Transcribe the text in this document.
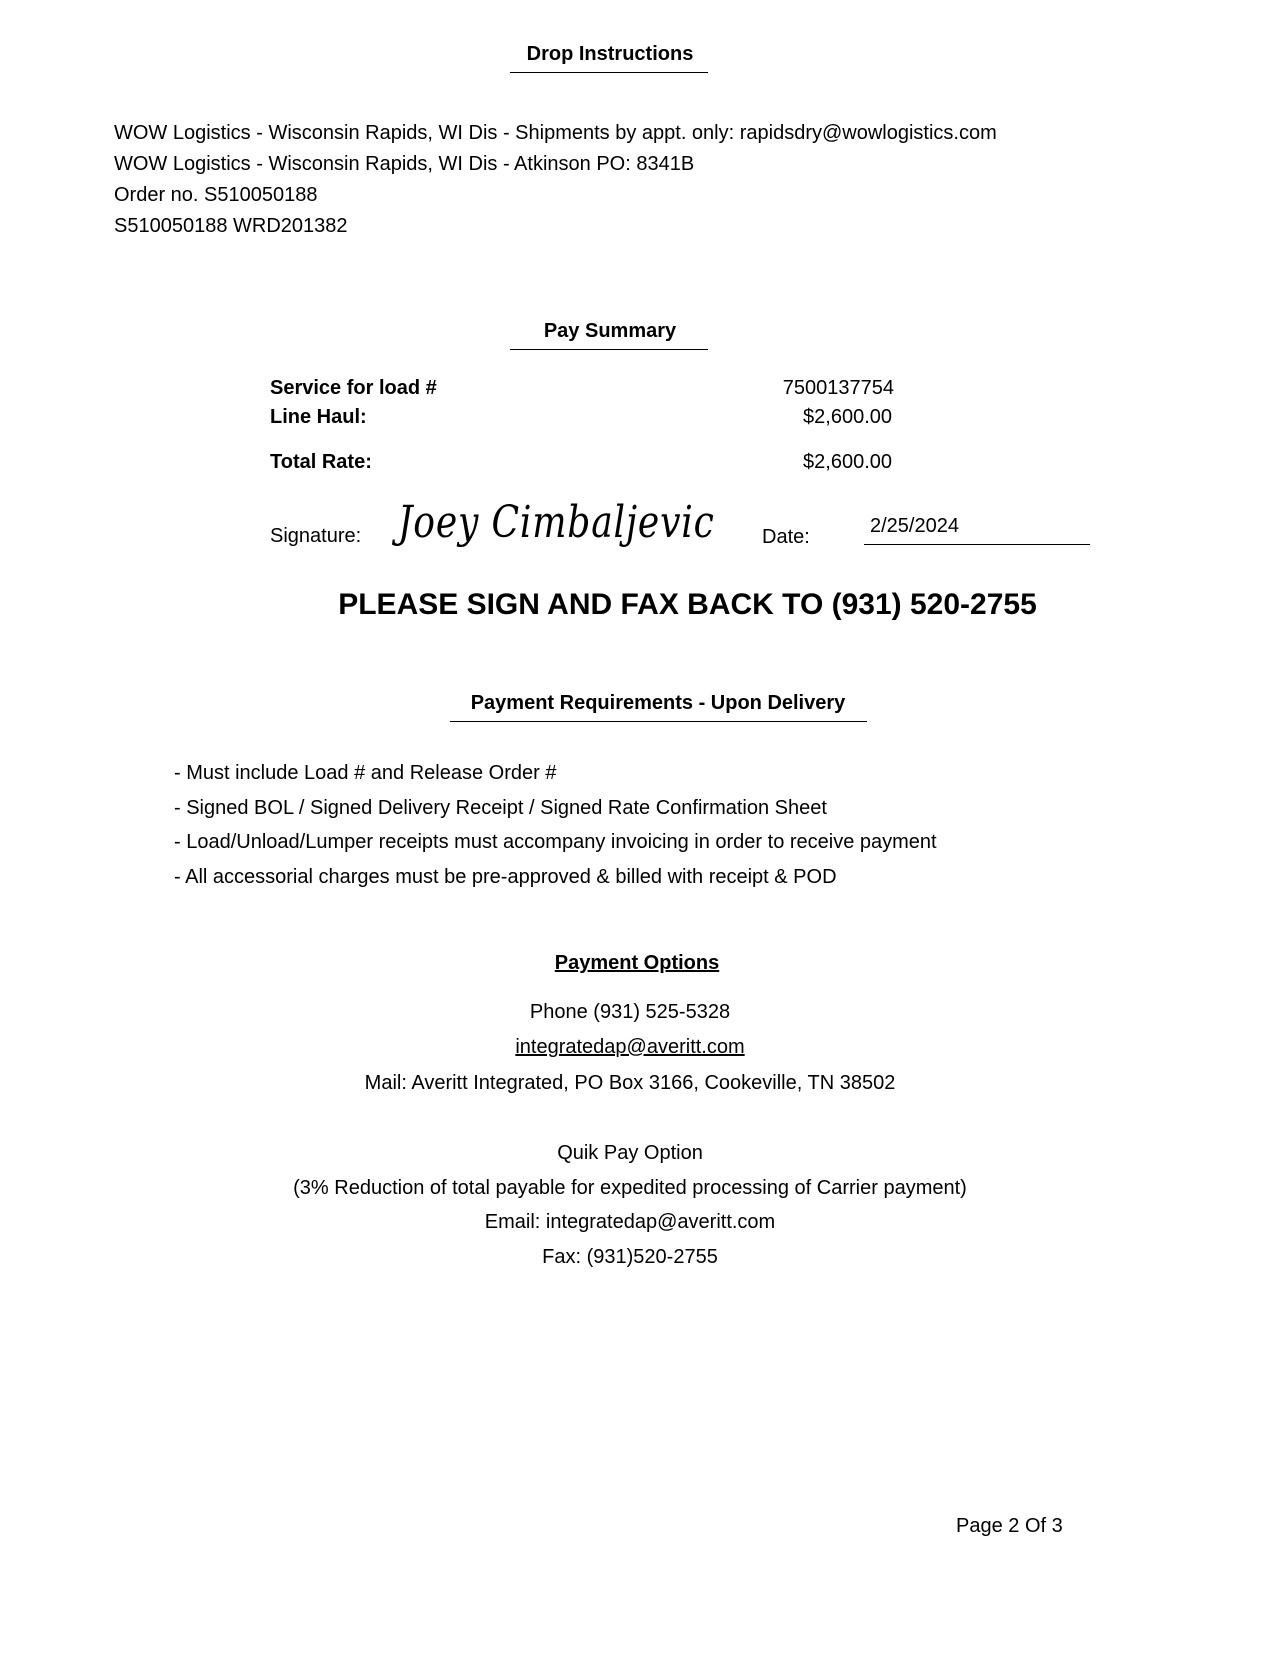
Drop Instructions
WOW Logistics - Wisconsin Rapids, WI Dis - Shipments by appt. only: rapidsdry@wowlogistics.com
WOW Logistics - Wisconsin Rapids, WI Dis - Atkinson PO: 8341B
Order no. S510050188
S510050188 WRD201382
Pay Summary
Service for load #	7500137754
Line Haul:	$2,600.00
Total Rate:	$2,600.00
Signature: Joey Cimbaljevic Date:	2/25/2024
PLEASE SIGN AND FAX BACK TO (931) 520-2755
Payment Requirements - Upon Delivery
- Must include Load # and Release Order #
- Signed BOL / Signed Delivery Receipt / Signed Rate Confirmation Sheet
- Load/Unload/Lumper receipts must accompany invoicing in order to receive payment
- All accessorial charges must be pre-approved & billed with receipt & POD
Payment Options
Phone (931) 525-5328
integratedap@averitt.com
Mail: Averitt Integrated, PO Box 3166, Cookeville, TN 38502
Quik Pay Option
(3% Reduction of total payable for expedited processing of Carrier payment)
Email: integratedap@averitt.com
Fax: (931)520-2755
Page 2 Of 3
